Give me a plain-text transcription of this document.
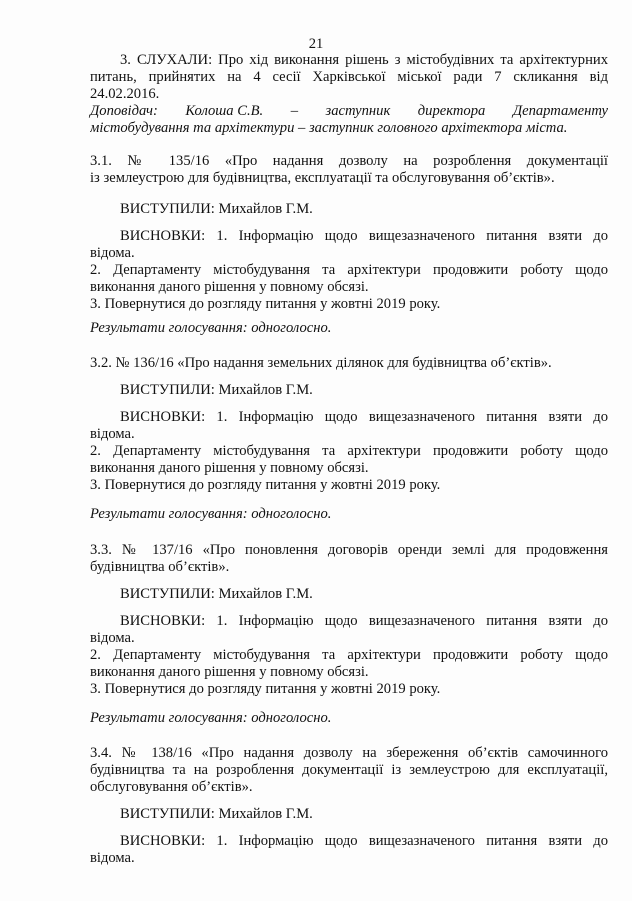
21
3. СЛУХАЛИ: Про хід виконання рішень з містобудівних та архітектурних
питань, прийнятих на 4 сесії Харківської міської ради 7 скликання від
24.02.2016.
Доповідач: Колоша С.В. – заступник директора Департаменту
містобудування та архітектури – заступник головного архітектора міста.
3.1. № 135/16 «Про надання дозволу на розроблення документації
із землеустрою для будівництва, експлуатації та обслуговування об’єктів».
ВИСТУПИЛИ: Михайлов Г.М.
ВИСНОВКИ: 1. Інформацію щодо вищезазначеного питання взяти до
відома.
2. Департаменту містобудування та архітектури продовжити роботу щодо
виконання даного рішення у повному обсязі.
3. Повернутися до розгляду питання у жовтні 2019 року.
Результати голосування: одноголосно.
3.2. № 136/16 «Про надання земельних ділянок для будівництва об’єктів».
ВИСТУПИЛИ: Михайлов Г.М.
ВИСНОВКИ: 1. Інформацію щодо вищезазначеного питання взяти до
відома.
2. Департаменту містобудування та архітектури продовжити роботу щодо
виконання даного рішення у повному обсязі.
3. Повернутися до розгляду питання у жовтні 2019 року.
Результати голосування: одноголосно.
3.3. № 137/16 «Про поновлення договорів оренди землі для продовження
будівництва об’єктів».
ВИСТУПИЛИ: Михайлов Г.М.
ВИСНОВКИ: 1. Інформацію щодо вищезазначеного питання взяти до
відома.
2. Департаменту містобудування та архітектури продовжити роботу щодо
виконання даного рішення у повному обсязі.
3. Повернутися до розгляду питання у жовтні 2019 року.
Результати голосування: одноголосно.
3.4. № 138/16 «Про надання дозволу на збереження об’єктів самочинного
будівництва та на розроблення документації із землеустрою для експлуатації,
обслуговування об’єктів».
ВИСТУПИЛИ: Михайлов Г.М.
ВИСНОВКИ: 1. Інформацію щодо вищезазначеного питання взяти до
відома.
